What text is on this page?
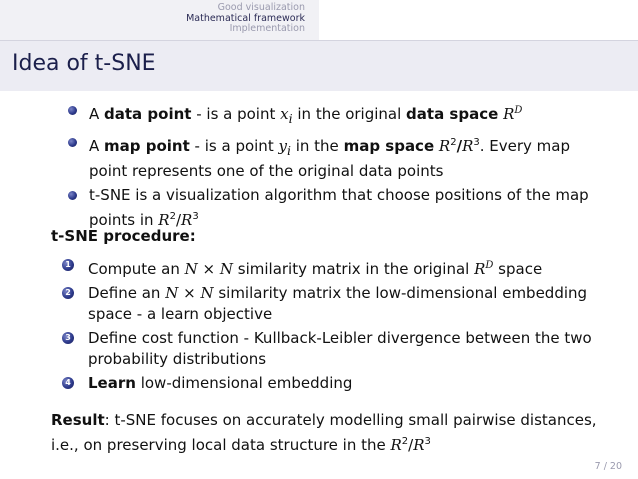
Good visualization
Mathematical framework
Implementation
Idea of t-SNE
A data point - is a point $x_i$ in the original data space $R^D$
A map point - is a point $y_i$ in the map space $R^2/R^3$. Every map point represents one of the original data points
t-SNE is a visualization algorithm that choose positions of the map points in $R^2/R^3$
t-SNE procedure:
1 Compute an N × N similarity matrix in the original $R^D$ space
2 Define an N × N similarity matrix the low-dimensional embedding space - a learn objective
3 Define cost function - Kullback-Leibler divergence between the two probability distributions
4 Learn low-dimensional embedding
Result: t-SNE focuses on accurately modelling small pairwise distances, i.e., on preserving local data structure in the $R^2/R^3$
7 / 20
